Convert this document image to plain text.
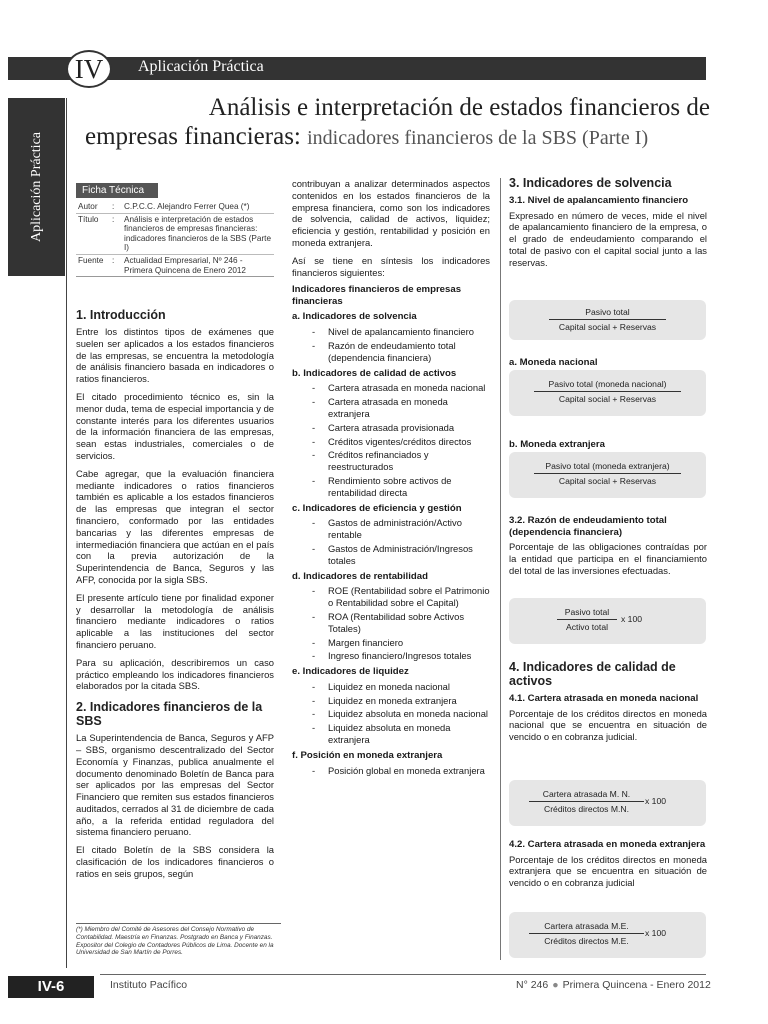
Aplicación Práctica
IV
Aplicación Práctica
Análisis e interpretación de estados financieros de
empresas financieras: indicadores financieros de la SBS (Parte I)
Ficha Técnica
Autor	:	C.P.C.C. Alejandro Ferrer Quea (*)
Título	:	Análisis e interpretación de estados financieros de empresas financieras: indicadores financieros de la SBS (Parte I)
Fuente	:	Actualidad Empresarial, Nº 246 - Primera Quincena de Enero 2012
1. Introducción

Entre los distintos tipos de exámenes que suelen ser aplicados a los estados financieros de las empresas, se encuentra la metodología de análisis financiero basada en indicadores o ratios financieros.

El citado procedimiento técnico es, sin la menor duda, tema de especial importancia y de constante interés para los diferentes usuarios de la información financiera de las empresas, sean estas industriales, comerciales o de servicios.

Cabe agregar, que la evaluación financiera mediante indicadores o ratios financieros también es aplicable a los estados financieros de las empresas que integran el sector financiero, conformado por las entidades bancarias y las diferentes empresas de intermediación financiera que actúan en el país con la previa autorización de la Superintendencia de Banca, Seguros y las AFP, conocida por la sigla SBS.

El presente artículo tiene por finalidad exponer y desarrollar la metodología de análisis financiero mediante indicadores o ratios aplicable a las instituciones del sector financiero peruano.

Para su aplicación, describiremos un caso práctico empleando los indicadores financieros elaborados por la citada SBS.

2. Indicadores financieros de la SBS

La Superintendencia de Banca, Seguros y AFP – SBS, organismo descentralizado del Sector Economía y Finanzas, publica anualmente el documento denominado Boletín de Banca para ser aplicados por las empresas del Sector Financiero que remiten sus estados financieros auditados, cerrados al 31 de diciembre de cada año, a la referida entidad reguladora del sistema financiero peruano.

El citado Boletín de la SBS considera la clasificación de los indicadores financieros o ratios en seis grupos, según

(*) Miembro del Comité de Asesores del Consejo Normativo de Contabilidad. Maestría en Finanzas. Postgrado en Banca y Finanzas. Expositor del Colegio de Contadores Públicos de Lima. Docente en la Universidad de San Martín de Porres.

contribuyan a analizar determinados aspectos contenidos en los estados financieros de la empresa financiera, como son los indicadores de solvencia, calidad de activos, liquidez; eficiencia y gestión, rentabilidad y posición en moneda extranjera.

Así se tiene en síntesis los indicadores financieros siguientes:

Indicadores financieros de empresas financieras
a. Indicadores de solvencia
- Nivel de apalancamiento financiero
- Razón de endeudamiento total (dependencia financiera)
b. Indicadores de calidad de activos
- Cartera atrasada en moneda nacional
- Cartera atrasada en moneda extranjera
- Cartera atrasada provisionada
- Créditos vigentes/créditos directos
- Créditos refinanciados y reestructurados
- Rendimiento sobre activos de rentabilidad directa
c. Indicadores de eficiencia y gestión
- Gastos de administración/Activo rentable
- Gastos de Administración/Ingresos totales
d. Indicadores de rentabilidad
- ROE (Rentabilidad sobre el Patrimonio o Rentabilidad sobre el Capital)
- ROA (Rentabilidad sobre Activos Totales)
- Margen financiero
- Ingreso financiero/Ingresos totales
e. Indicadores de liquidez
- Liquidez en moneda nacional
- Liquidez en moneda extranjera
- Liquidez absoluta en moneda nacional
- Liquidez absoluta en moneda extranjera
f. Posición en moneda extranjera
- Posición global en moneda extranjera
3. Indicadores de solvencia
3.1. Nivel de apalancamiento financiero

Expresado en número de veces, mide el nivel de apalancamiento financiero de la empresa, o el grado de endeudamiento comparando el total de pasivo con el capital social junto a las reservas.

Pasivo total
Capital social + Reservas
a. Moneda nacional
Pasivo total (moneda nacional)
Capital social + Reservas
b. Moneda extranjera
Pasivo total (moneda extranjera)
Capital social + Reservas
3.2. Razón de endeudamiento total (dependencia financiera)

Porcentaje de las obligaciones contraídas por la entidad que participa en el financiamiento del total de las inversiones efectuadas.

Pasivo total
Activo total
x 100
4. Indicadores de calidad de activos
4.1. Cartera atrasada en moneda nacional

Porcentaje de los créditos directos en moneda nacional que se encuentra en situación de vencido o en cobranza judicial.

Cartera atrasada M. N.
Créditos directos M.N.
x 100
4.2. Cartera atrasada en moneda extranjera

Porcentaje de los créditos directos en moneda extranjera que se encuentra en situación de vencido o en cobranza judicial

Cartera atrasada M.E.
Créditos directos M.E.
x 100
IV-6	Instituto Pacífico	N° 246 ● Primera Quincena - Enero 2012
